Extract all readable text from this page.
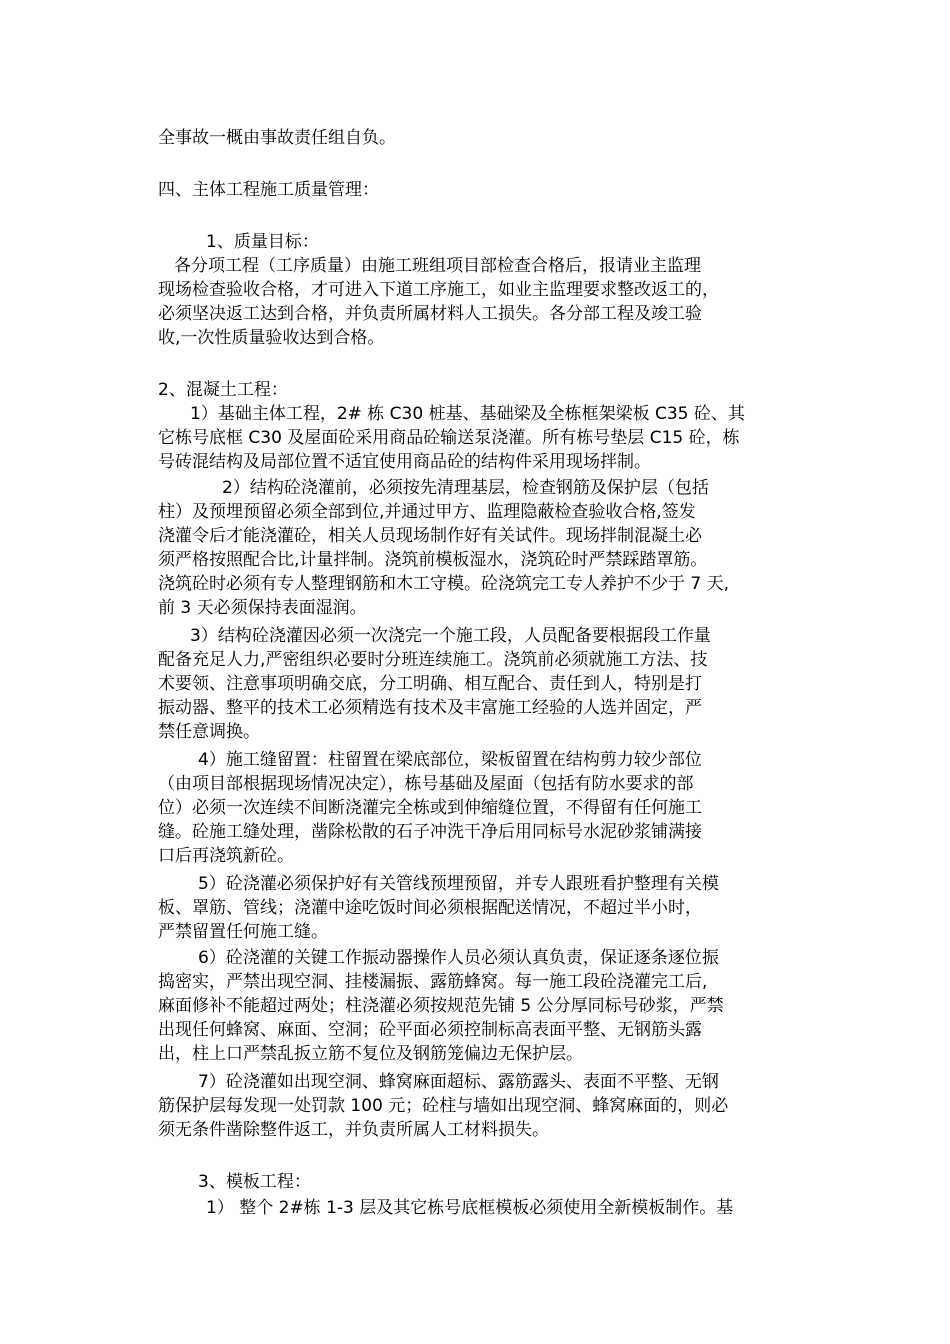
全事故一概由事故责任组自负。

四、主体工程施工质量管理：

1、质量目标：

各分项工程（工序质量）由施工班组项目部检查合格后，报请业主监理
现场检查验收合格，才可进入下道工序施工，如业主监理要求整改返工的，
必须坚决返工达到合格，并负责所属材料人工损失。各分部工程及竣工验
收,一次性质量验收达到合格。

2、混凝土工程：

1）基础主体工程，2# 栋 C30 桩基、基础梁及全栋框架梁板 C35 砼、其
它栋号底框 C30 及屋面砼采用商品砼输送泵浇灌。所有栋号垫层 C15 砼，栋
号砖混结构及局部位置不适宜使用商品砼的结构件采用现场拌制。

2）结构砼浇灌前，必须按先清理基层，检查钢筋及保护层（包括
柱）及预埋预留必须全部到位,并通过甲方、监理隐蔽检查验收合格,签发
浇灌令后才能浇灌砼，相关人员现场制作好有关试件。现场拌制混凝土必
须严格按照配合比,计量拌制。浇筑前模板湿水，浇筑砼时严禁踩踏罩筋。
浇筑砼时必须有专人整理钢筋和木工守模。砼浇筑完工专人养护不少于 7 天,
前 3 天必须保持表面湿润。

3）结构砼浇灌因必须一次浇完一个施工段，人员配备要根据段工作量
配备充足人力,严密组织必要时分班连续施工。浇筑前必须就施工方法、技
术要领、注意事项明确交底，分工明确、相互配合、责任到人，特别是打
振动器、整平的技术工必须精选有技术及丰富施工经验的人选并固定，严
禁任意调换。

4）施工缝留置：柱留置在梁底部位，梁板留置在结构剪力较少部位
（由项目部根据现场情况决定），栋号基础及屋面（包括有防水要求的部
位）必须一次连续不间断浇灌完全栋或到伸缩缝位置，不得留有任何施工
缝。砼施工缝处理，凿除松散的石子冲洗干净后用同标号水泥砂浆铺满接
口后再浇筑新砼。

5）砼浇灌必须保护好有关管线预埋预留，并专人跟班看护整理有关模
板、罩筋、管线；浇灌中途吃饭时间必须根据配送情况，不超过半小时，
严禁留置任何施工缝。

6）砼浇灌的关键工作振动器操作人员必须认真负责，保证逐条逐位振
捣密实，严禁出现空洞、挂楼漏振、露筋蜂窝。每一施工段砼浇灌完工后,
麻面修补不能超过两处；柱浇灌必须按规范先铺 5 公分厚同标号砂浆，严禁
出现任何蜂窝、麻面、空洞；砼平面必须控制标高表面平整、无钢筋头露
出，柱上口严禁乱扳立筋不复位及钢筋笼偏边无保护层。

7）砼浇灌如出现空洞、蜂窝麻面超标、露筋露头、表面不平整、无钢
筋保护层每发现一处罚款 100 元；砼柱与墙如出现空洞、蜂窝麻面的，则必
须无条件凿除整件返工，并负责所属人工材料损失。

3、模板工程：

1） 整个 2#栋 1-3 层及其它栋号底框模板必须使用全新模板制作。基
